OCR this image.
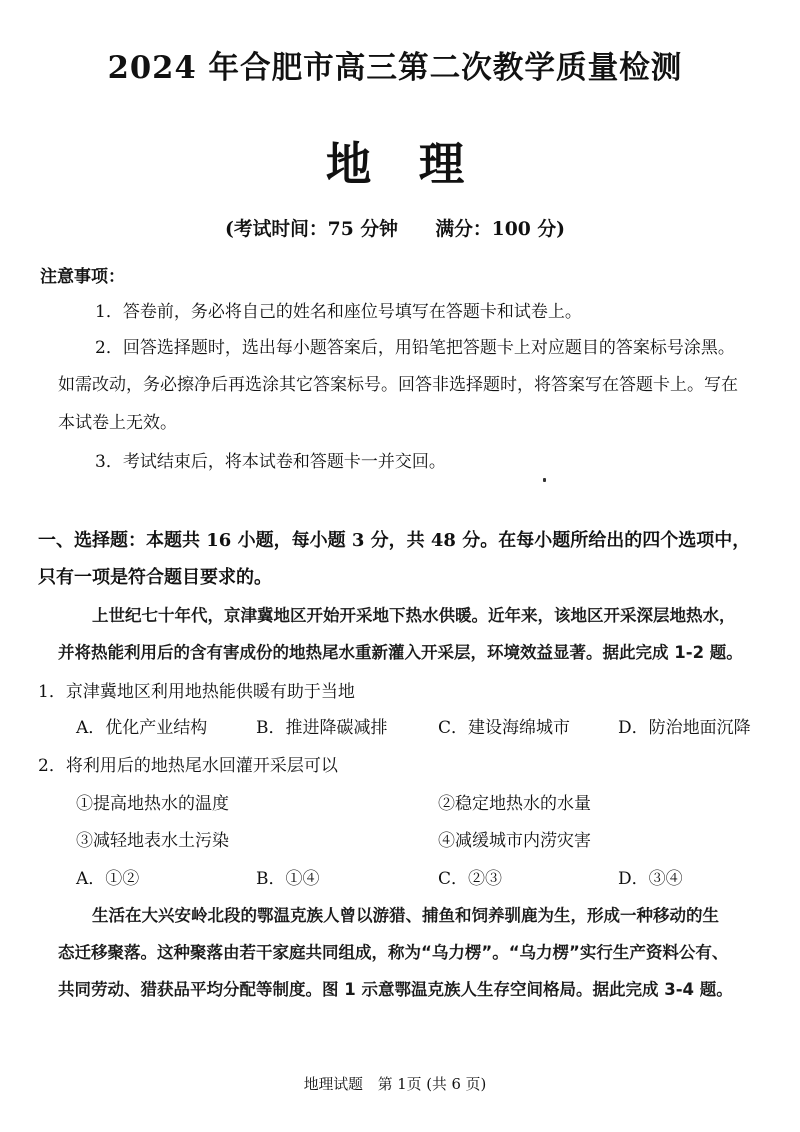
2024 年合肥市高三第二次教学质量检测
地 理
(考试时间：75 分钟 满分：100 分)
注意事项：
1．答卷前，务必将自己的姓名和座位号填写在答题卡和试卷上。
2．回答选择题时，选出每小题答案后，用铅笔把答题卡上对应题目的答案标号涂黑。
如需改动，务必擦净后再选涂其它答案标号。回答非选择题时，将答案写在答题卡上。写在
本试卷上无效。
3．考试结束后，将本试卷和答题卡一并交回。
一、选择题：本题共 16 小题，每小题 3 分，共 48 分。在每小题所给出的四个选项中，
只有一项是符合题目要求的。
上世纪七十年代，京津冀地区开始开采地下热水供暖。近年来，该地区开采深层地热水，
并将热能利用后的含有害成份的地热尾水重新灌入开采层，环境效益显著。据此完成 1-2 题。
1．京津冀地区利用地热能供暖有助于当地
A．优化产业结构	B．推进降碳减排	C．建设海绵城市	D．防治地面沉降
2．将利用后的地热尾水回灌开采层可以
①提高地热水的温度	②稳定地热水的水量
③减轻地表水土污染	④减缓城市内涝灾害
A．①②	B．①④	C．②③	D．③④
生活在大兴安岭北段的鄂温克族人曾以游猎、捕鱼和饲养驯鹿为生，形成一种移动的生
态迁移聚落。这种聚落由若干家庭共同组成，称为“乌力楞”。“乌力楞”实行生产资料公有、
共同劳动、猎获品平均分配等制度。图 1 示意鄂温克族人生存空间格局。据此完成 3-4 题。
地理试题　第 1页 (共 6 页)
